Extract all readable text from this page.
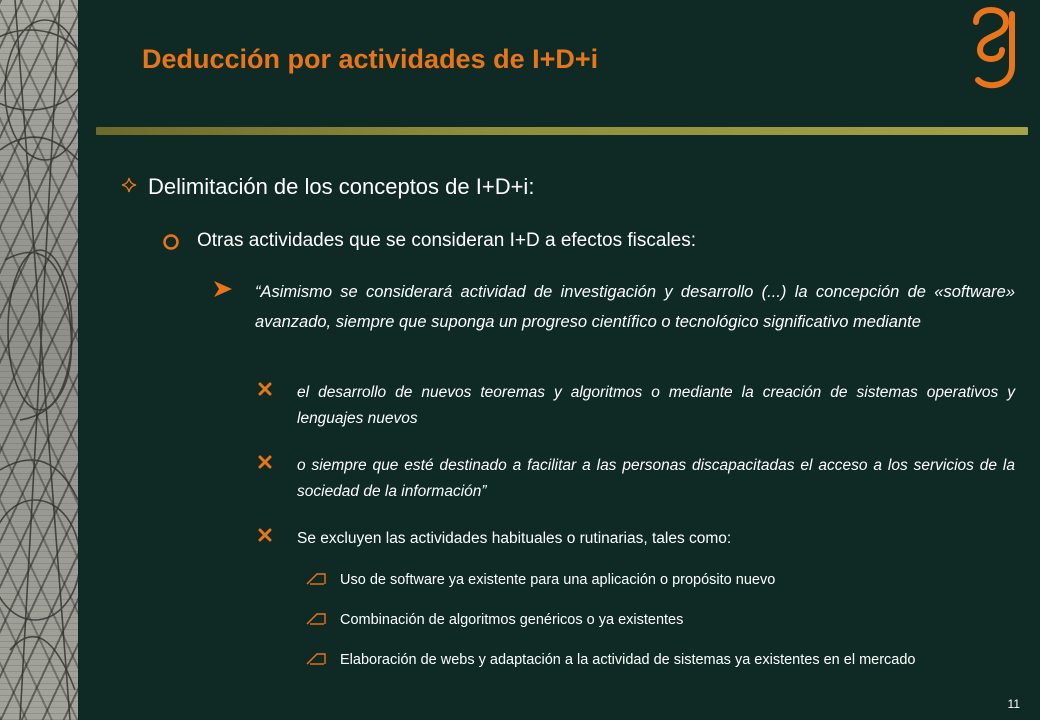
Deducción por actividades de I+D+i
Delimitación de los conceptos de I+D+i:
Otras actividades que se consideran I+D a efectos fiscales:
“Asimismo se considerará actividad de investigación y desarrollo (...) la concepción de «software» avanzado, siempre que suponga un progreso científico o tecnológico significativo mediante
el desarrollo de nuevos teoremas y algoritmos o mediante la creación de sistemas operativos y lenguajes nuevos
o siempre que esté destinado a facilitar a las personas discapacitadas el acceso a los servicios de la sociedad de la información”
Se excluyen las actividades habituales o rutinarias, tales como:
Uso de software ya existente para una aplicación o propósito nuevo
Combinación de algoritmos genéricos o ya existentes
Elaboración de webs y adaptación a la actividad de sistemas ya existentes en el mercado
11
